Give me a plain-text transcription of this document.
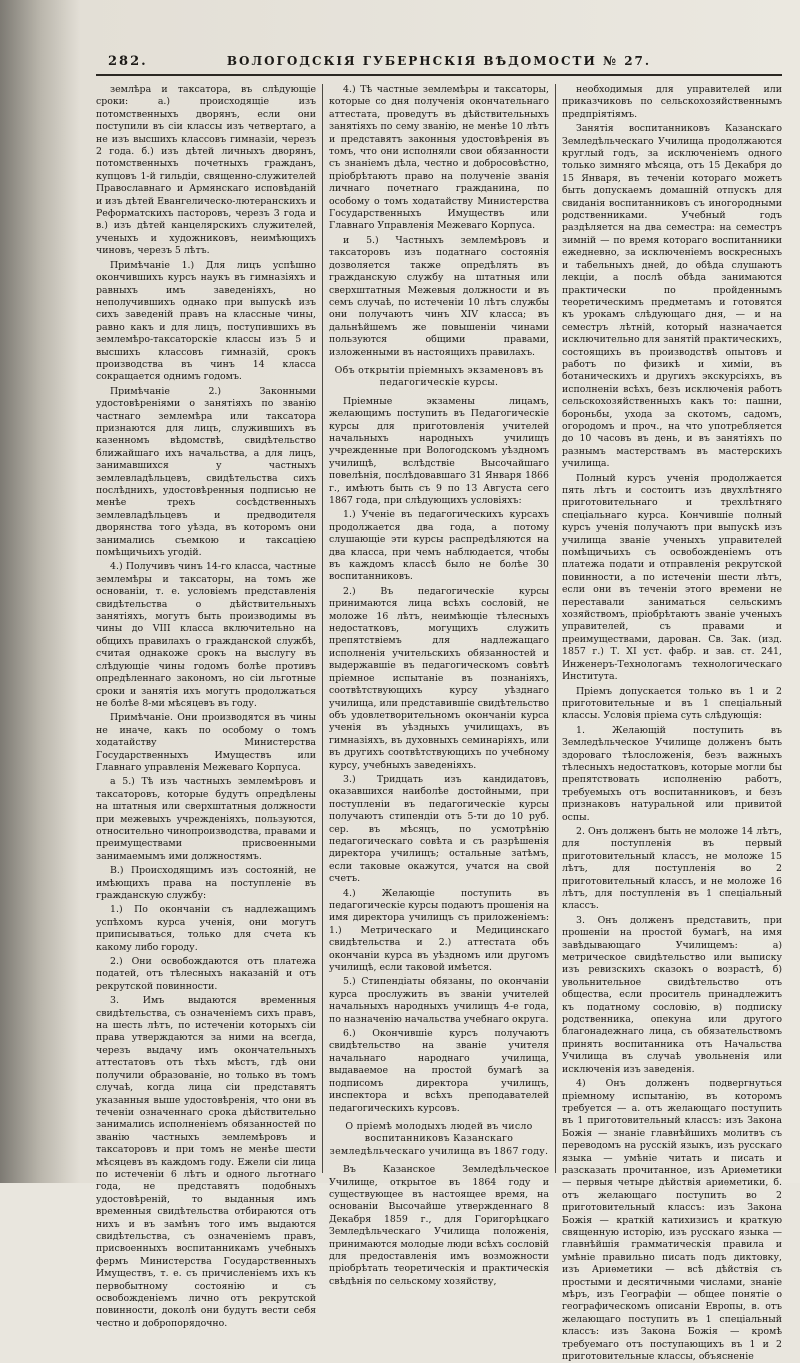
282.	ВОЛОГОДСКІЯ ГУБЕРНСКІЯ ВѢДОМОСТИ № 27.

землѣра и таксатора, въ слѣдующіе сроки: а.) происходящіе изъ потомственныхъ дворянъ, если они поступили въ сіи классы изъ четвертаго, а не изъ высшихъ классовъ гимназіи, черезъ 2 года. б.) изъ дѣтей личныхъ дворянъ, потомственныхъ почетныхъ гражданъ, купцовъ 1-й гильдіи, священно-служителей Православнаго и Армянскаго исповѣданій и изъ дѣтей Евангелическо-лютеранскихъ и Реформатскихъ пасторовъ, черезъ 3 года и в.) изъ дѣтей канцелярскихъ служителей, ученыхъ и художниковъ, неимѣющихъ чиновъ, черезъ 5 лѣтъ.

Примѣчаніе 1.) Для лицъ успѣшно окончившихъ курсъ наукъ въ гимназіяхъ и равныхъ имъ заведеніяхъ, но неполучившихъ однако при выпускѣ изъ сихъ заведеній правъ на классные чины, равно какъ и для лицъ, поступившихъ въ землемѣро-таксаторскіе классы изъ 5 и высшихъ классовъ гимназій, срокъ производства въ чинъ 14 класса сокращается однимъ годомъ.

Примѣчаніе 2.) Законными удостовѣреніями о занятіяхъ по званію частнаго землемѣра или таксатора признаются для лицъ, служившихъ въ казенномъ вѣдомствѣ, свидѣтельство ближайшаго ихъ начальства, а для лицъ, занимавшихся у частныхъ землевладѣльцевъ, свидѣтельства сихъ послѣднихъ, удостовѣренныя подписью не менѣе трехъ сосѣдственныхъ землевладѣльцевъ и предводителя дворянства того уѣзда, въ которомъ они занимались съемкою и таксаціею помѣщичьихъ угодій.

4.) Получивъ чинъ 14-го класса, частные землемѣры и таксаторы, на томъ же основаніи, т. е. условіемъ представленія свидѣтельства о дѣйствительныхъ занятіяхъ, могутъ быть производимы въ чины до VIII класса включительно на общихъ правилахъ о гражданской службѣ, считая однакоже срокъ на выслугу въ слѣдующіе чины годомъ болѣе противъ опредѣленнаго закономъ, но сіи льготные сроки и занятія ихъ могутъ продолжаться не болѣе 8-ми мѣсяцевъ въ году.

Примѣчаніе. Они производятся въ чины не иначе, какъ по особому о томъ ходатайству Министерства Государственныхъ Имуществъ или Главнаго управленія Межеваго Корпуса.

а 5.) Тѣ изъ частныхъ землемѣровъ и таксаторовъ, которые будутъ опредѣлены на штатныя или сверхштатныя должности при межевыхъ учрежденіяхъ, пользуются, относительно чинопроизводства, правами и преимуществами присвоенными занимаемымъ ими должностямъ.

В.) Происходящимъ изъ состояній, не имѣющихъ права на поступленіе въ гражданскую службу:

1.) По окончаніи съ надлежащимъ успѣхомъ курса ученія, они могутъ приписываться, только для счета къ какому либо городу.

2.) Они освобождаются отъ платежа податей, отъ тѣлесныхъ наказаній и отъ рекрутской повинности.

3. Имъ выдаются временныя свидѣтельства, съ означеніемъ сихъ правъ, на шесть лѣтъ, по истеченіи которыхъ сіи права утверждаются за ними на всегда, черезъ выдачу имъ окончательныхъ аттестатовъ отъ тѣхъ мѣстъ, гдѣ они получили образованіе, но только въ томъ случаѣ, когда лица сіи представятъ указанныя выше удостовѣренія, что они въ теченіи означеннаго срока дѣйствительно занимались исполненіемъ обязанностей по званію частныхъ землемѣровъ и таксаторовъ и при томъ не менѣе шести мѣсяцевъ въ каждомъ году. Ежели сіи лица по истеченіи 6 лѣтъ и одного льготнаго года, не представятъ подобныхъ удостовѣреній, то выданныя имъ временныя свидѣтельства отбираются отъ нихъ и въ замѣнъ того имъ выдаются свидѣтельства, съ означеніемъ правъ, присвоенныхъ воспитанникамъ учебныхъ фермъ Министерства Государственныхъ Имуществъ, т. е. съ причисленіемъ ихъ къ первобытному состоянію и съ освобожденіемъ лично отъ рекрутской повинности, доколѣ они будутъ вести себя честно и добропорядочно.

4.) Тѣ частные землемѣры и таксаторы, которые со дня полученія окончательнаго аттестата, проведутъ въ дѣйствительныхъ занятіяхъ по сему званію, не менѣе 10 лѣтъ и представятъ законныя удостовѣренія въ томъ, что они исполняли свои обязанности съ знаніемъ дѣла, честно и добросовѣстно, пріобрѣтаютъ право на полученіе званія личнаго почетнаго гражданина, по особому о томъ ходатайству Министерства Государственныхъ Имуществъ или Главнаго Управленія Межеваго Корпуса.

и 5.) Частныхъ землемѣровъ и таксаторовъ изъ податнаго состоянія дозволяется также опредѣлять въ гражданскую службу на штатныя или сверхштатныя Межевыя должности и въ семъ случаѣ, по истеченіи 10 лѣтъ службы они получаютъ чинъ XIV класса; въ дальнѣйшемъ же повышеніи чинами пользуются общими правами, изложенными въ настоящихъ правилахъ.

Объ открытіи пріемныхъ экзаменовъ въ педагогическіе курсы.

Пріемные экзамены лицамъ, желающимъ поступить въ Педагогическіе курсы для приготовленія учителей начальныхъ народныхъ училищъ учрежденные при Вологодскомъ уѣздномъ училищѣ, вслѣдствіе Высочайшаго повелѣнія, послѣдовавшаго 31 Января 1866 г., имѣютъ быть съ 9 по 13 Августа сего 1867 года, при слѣдующихъ условіяхъ:

1.) Ученіе въ педагогическихъ курсахъ продолжается два года, а потому слушающіе эти курсы распредѣляются на два класса, при чемъ наблюдается, чтобы въ каждомъ классѣ было не болѣе 30 воспитанниковъ.

2.) Въ педагогическіе курсы принимаются лица всѣхъ сословій, не моложе 16 лѣтъ, неимѣющіе тѣлесныхъ недостатковъ, могущихъ служить препятствіемъ для надлежащаго исполненія учительскихъ обязанностей и выдержавшіе въ педагогическомъ совѣтѣ пріемное испытаніе въ познаніяхъ, соотвѣтствующихъ курсу уѣзднаго училища, или представившіе свидѣтельство объ удовлетворительномъ окончаніи курса ученія въ уѣздныхъ училищахъ, въ гимназіяхъ, въ духовныхъ семинаріяхъ, или въ другихъ соотвѣтствующихъ по учебному курсу, учебныхъ заведеніяхъ.

3.) Тридцать изъ кандидатовъ, оказавшихся наиболѣе достойными, при поступленіи въ педагогическіе курсы получаютъ стипендіи отъ 5-ти до 10 руб. сер. въ мѣсяцъ, по усмотрѣнію педагогическаго совѣта и съ разрѣшенія директора училищъ; остальные затѣмъ, если таковые окажутся, учатся на свой счетъ.

4.) Желающіе поступить въ педагогическіе курсы подаютъ прошенія на имя директора училищъ съ приложеніемъ: 1.) Метрическаго и Медицинскаго свидѣтельства и 2.) аттестата объ окончаніи курса въ уѣздномъ или другомъ училищѣ, если таковой имѣется.

5.) Стипендіаты обязаны, по окончаніи курса прослужить въ званіи учителей начальныхъ народныхъ училищъ 4-е года, по назначенію начальства учебнаго округа.

6.) Окончившіе курсъ получаютъ свидѣтельство на званіе учителя начальнаго народнаго училища, выдаваемое на простой бумагѣ за подписомъ директора училищъ, инспектора и всѣхъ преподавателей педагогическихъ курсовъ.

О пріемѣ молодыхъ людей въ число воспитанниковъ Казанскаго земледѣльческаго училища въ 1867 году.

Въ Казанское Земледѣльческое Училище, открытое въ 1864 году и существующее въ настоящее время, на основаніи Высочайше утвержденнаго 8 Декабря 1859 г., для Горигорѣцкаго Земледѣльческаго Училища положенія, принимаются молодые люди всѣхъ сословій для предоставленія имъ возможности пріобрѣтать теоретическія и практическія свѣдѣнія по сельскому хозяйству,

необходимыя для управителей или приказчиковъ по сельскохозяйственнымъ предпріятіямъ.

Занятія воспитанниковъ Казанскаго Земледѣльческаго Училища продолжаются круглый годъ, за исключеніемъ одного только зимняго мѣсяца, отъ 15 Декабря до 15 Января, въ теченіи котораго можетъ быть допускаемъ домашній отпускъ для свиданія воспитанниковъ съ иногородными родственниками. Учебный годъ раздѣляется на два семестра: на семестръ зимній — по время котораго воспитанники ежедневно, за исключеніемъ воскресныхъ и табельныхъ дней, до обѣда слушаютъ лекціи, а послѣ обѣда занимаются практически по пройденнымъ теоретическимъ предметамъ и готовятся къ урокамъ слѣдующаго дня, — и на семестръ лѣтній, который назначается исключительно для занятій практическихъ, состоящихъ въ производствѣ опытовъ и работъ по физикѣ и химіи, въ ботаническихъ и другихъ экскурсіяхъ, въ исполненіи всѣхъ, безъ исключенія работъ сельскохозяйственныхъ какъ то: пашни, бороньбы, ухода за скотомъ, садомъ, огородомъ и проч., на что употребляется до 10 часовъ въ день, и въ занятіяхъ по разнымъ мастерствамъ въ мастерскихъ училища.

Полный курсъ ученія продолжается пять лѣтъ и состоитъ изъ двухлѣтняго приготовительнаго и трехлѣтняго спеціальнаго курса. Кончившіе полный курсъ ученія получаютъ при выпускѣ изъ училища званіе ученыхъ управителей помѣщичьихъ съ освобожденіемъ отъ платежа подати и отправленія рекрутской повинности, а по истеченіи шести лѣтъ, если они въ теченіи этого времени не переставали заниматься сельскимъ хозяйствомъ, пріобрѣтаютъ званіе ученыхъ управителей, съ правами и преимуществами, дарован. Св. Зак. (изд. 1857 г.) Т. XI уст. фабр. и зав. ст. 241, Инженеръ-Технологамъ технологическаго Института.

Пріемъ допускается только въ 1 и 2 приготовительные и въ 1 спеціальный классы. Условія пріема суть слѣдующія:

1. Желающій поступить въ Земледѣльческое Училище долженъ быть здороваго тѣлосложенія, безъ важныхъ тѣлесныхъ недостатковъ, которые могли бы препятствовать исполненію работъ, требуемыхъ отъ воспитанниковъ, и безъ признаковъ натуральной или привитой оспы.

2. Онъ долженъ быть не моложе 14 лѣтъ, для поступленія въ первый приготовительный классъ, не моложе 15 лѣтъ, для поступленія во 2 приготовительный классъ, и не моложе 16 лѣтъ, для поступленія въ 1 спеціальный классъ.

3. Онъ долженъ представить, при прошеніи на простой бумагѣ, на имя завѣдывающаго Училищемъ: а) метрическое свидѣтельство или выписку изъ ревизскихъ сказокъ о возрастѣ, б) увольнительное свидѣтельство отъ общества, если проситель принадлежитъ къ податному сословію, в) подписку родственника, опекуна или другого благонадежнаго лица, съ обязательствомъ принять воспитанника отъ Начальства Училища въ случаѣ увольненія или исключенія изъ заведенія.

4) Онъ долженъ подвергнуться пріемному испытанію, въ которомъ требуется — а. отъ желающаго поступить въ 1 приготовительный классъ: изъ Закона Божія — знаніе главнѣйшихъ молитвъ съ переводомъ на русскій языкъ, изъ русскаго языка — умѣніе читать и писать и разсказать прочитанное, изъ Ариѳметики — первыя четыре дѣйствія ариѳметики, б. отъ желающаго поступить во 2 приготовительный классъ: изъ Закона Божія — краткій катихизисъ и краткую священную исторію, изъ русскаго языка — главнѣйшія грамматическія правила и умѣніе правильно писать подъ диктовку, изъ Ариѳметики — всѣ дѣйствія съ простыми и десятичными числами, знаніе мѣръ, изъ Географіи — общее понятіе о географическомъ описаніи Европы, в. отъ желающаго поступить въ 1 спеціальный классъ: изъ Закона Божія — кромѣ требуемаго отъ поступающихъ въ 1 и 2 приготовительные классы, объясненіе
